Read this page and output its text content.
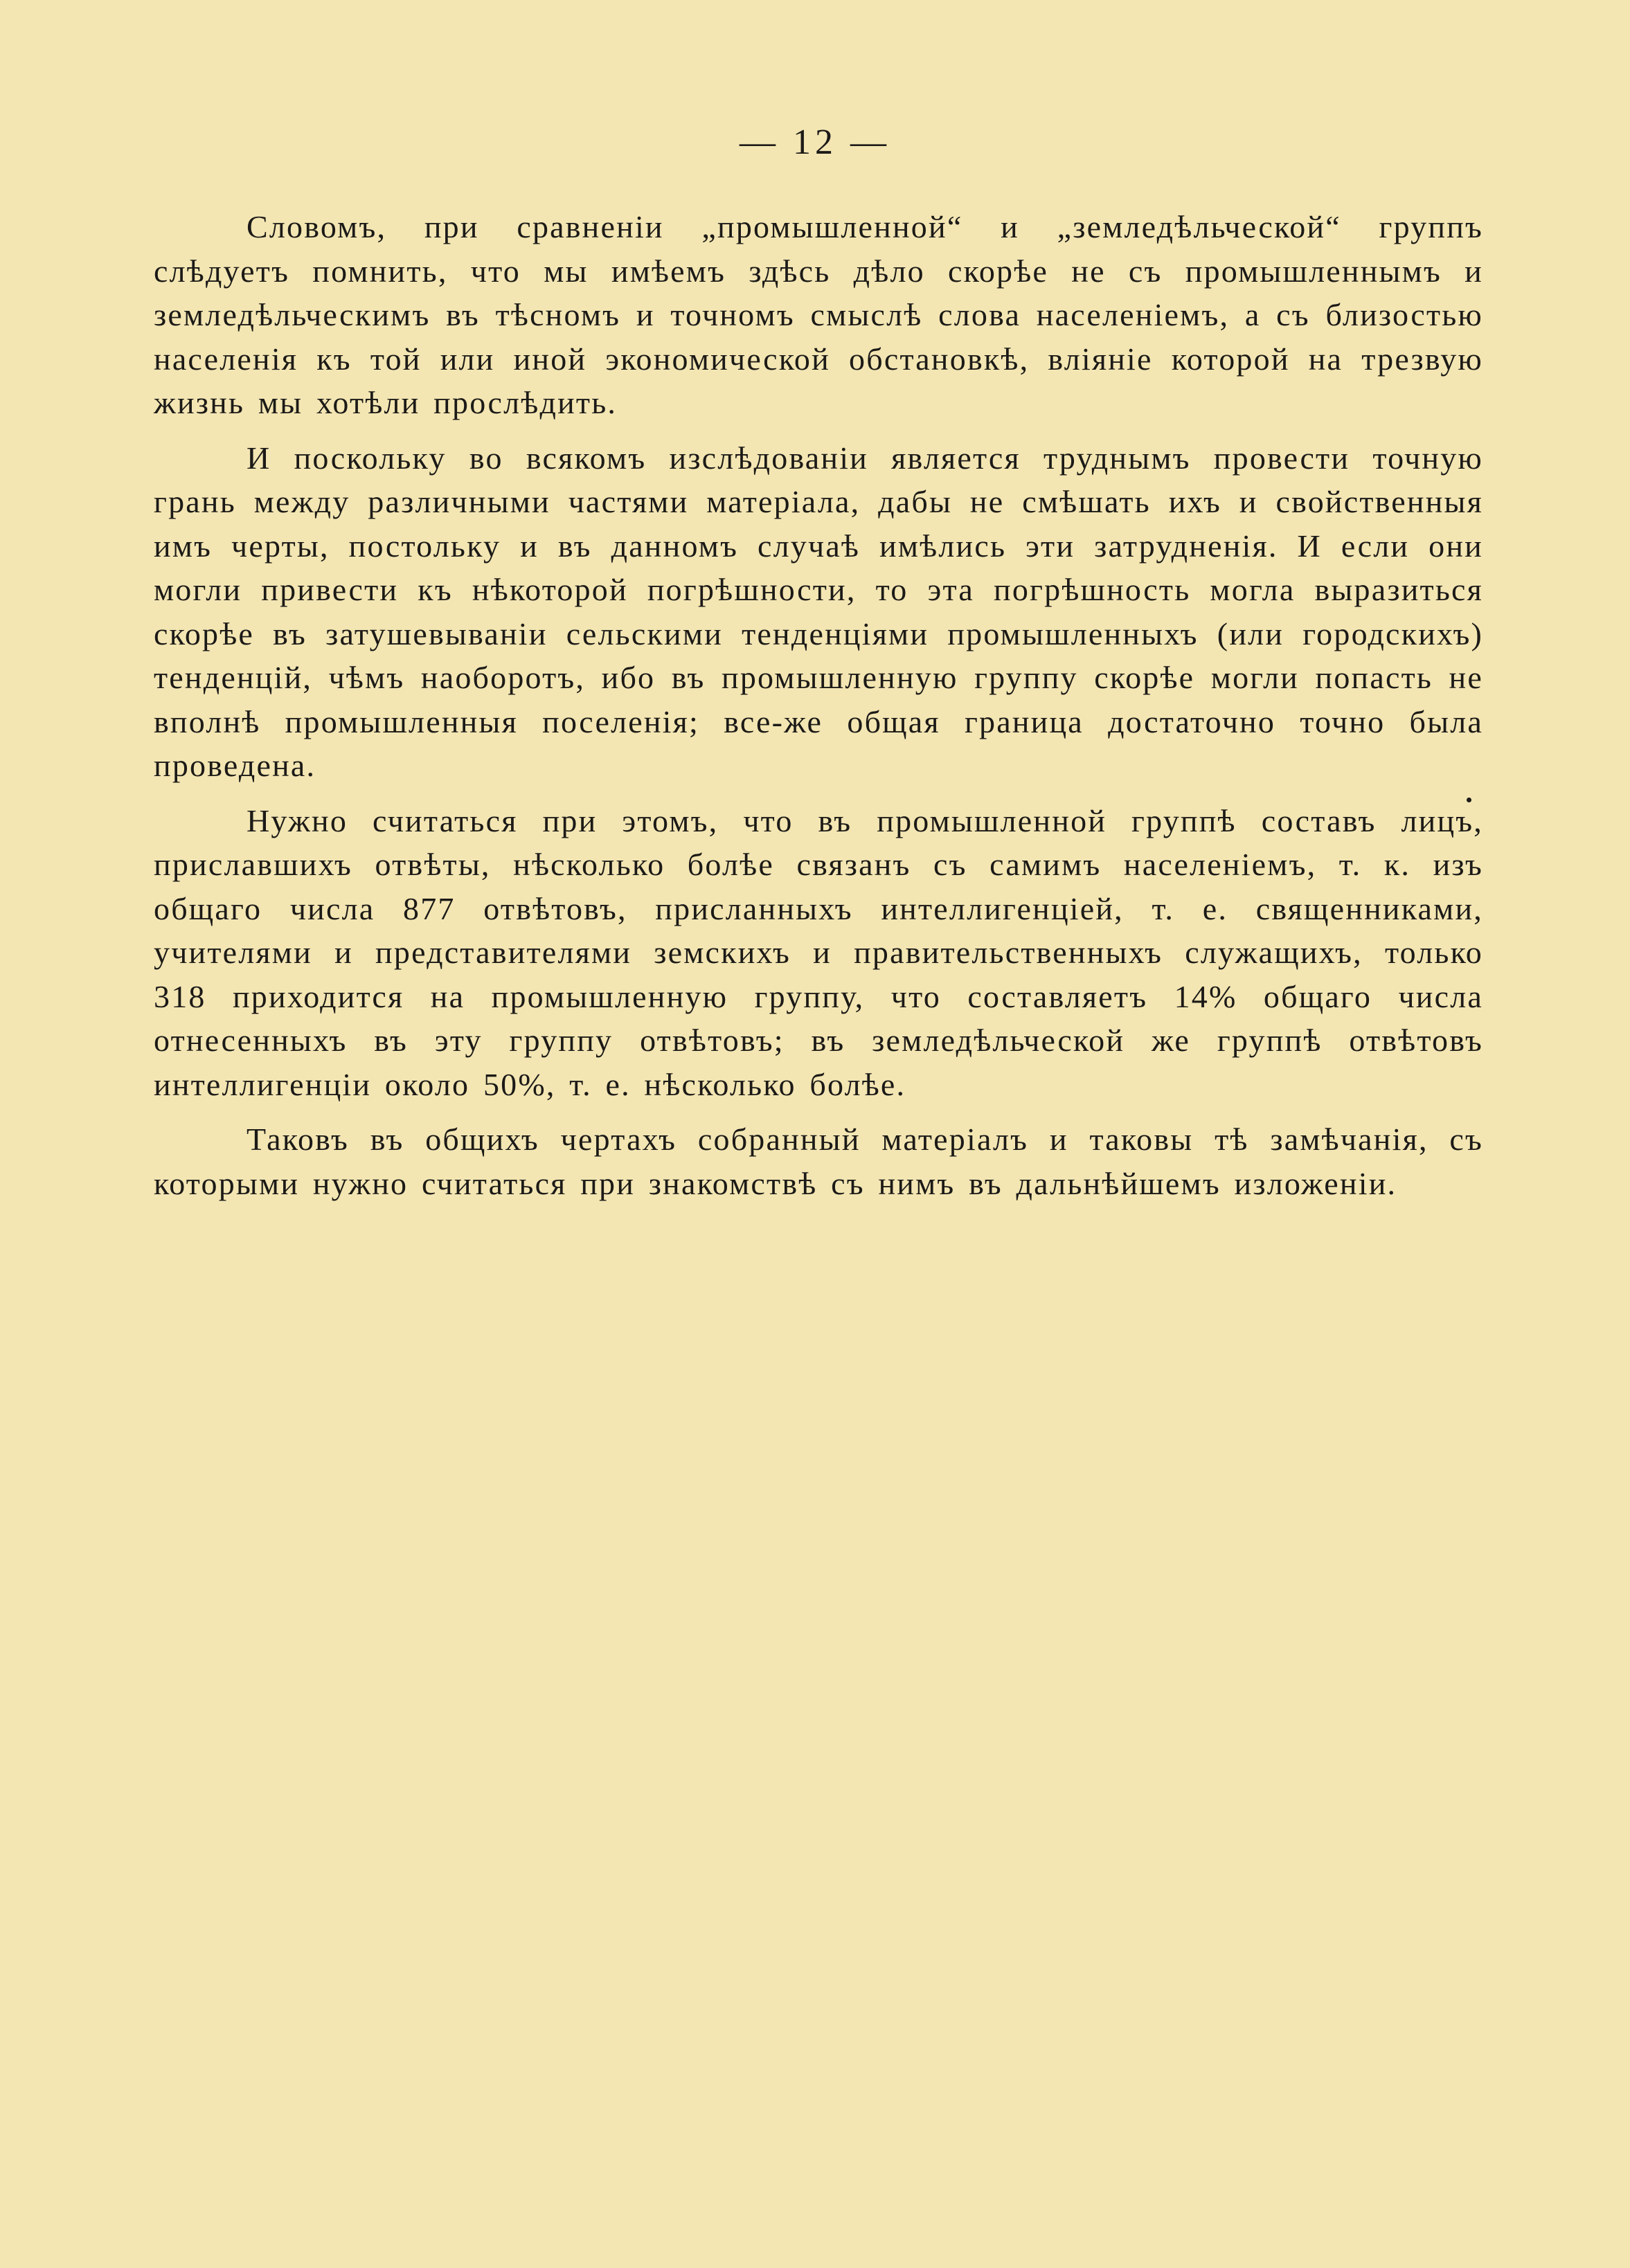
— 12 —

Словомъ, при сравненіи „промышленной“ и „земледѣльческой“ группъ слѣдуетъ помнить, что мы имѣемъ здѣсь дѣло скорѣе не съ промышленнымъ и земледѣльческимъ въ тѣсномъ и точномъ смыслѣ слова населеніемъ, а съ близостью населенія къ той или иной экономической обстановкѣ, вліяніе которой на трезвую жизнь мы хотѣли прослѣдить.

И поскольку во всякомъ изслѣдованіи является труднымъ провести точную грань между различными частями матеріала, дабы не смѣшать ихъ и свойственныя имъ черты, постольку и въ данномъ случаѣ имѣлись эти затрудненія. И если они могли привести къ нѣкоторой погрѣшности, то эта погрѣшность могла выразиться скорѣе въ затушевываніи сельскими тенденціями промышленныхъ (или городскихъ) тенденцій, чѣмъ наоборотъ, ибо въ промышленную группу скорѣе могли попасть не вполнѣ промышленныя поселенія; все-же общая граница достаточно точно была проведена.

Нужно считаться при этомъ, что въ промышленной группѣ составъ лицъ, приславшихъ отвѣты, нѣсколько болѣе связанъ съ самимъ населеніемъ, т. к. изъ общаго числа 877 отвѣтовъ, присланныхъ интеллигенціей, т. е. священниками, учителями и представителями земскихъ и правительственныхъ служащихъ, только 318 приходится на промышленную группу, что составляетъ 14% общаго числа отнесенныхъ въ эту группу отвѣтовъ; въ земледѣльческой же группѣ отвѣтовъ интеллигенціи около 50%, т. е. нѣсколько болѣе.

Таковъ въ общихъ чертахъ собранный матеріалъ и таковы тѣ замѣчанія, съ которыми нужно считаться при знакомствѣ съ нимъ въ дальнѣйшемъ изложеніи.
